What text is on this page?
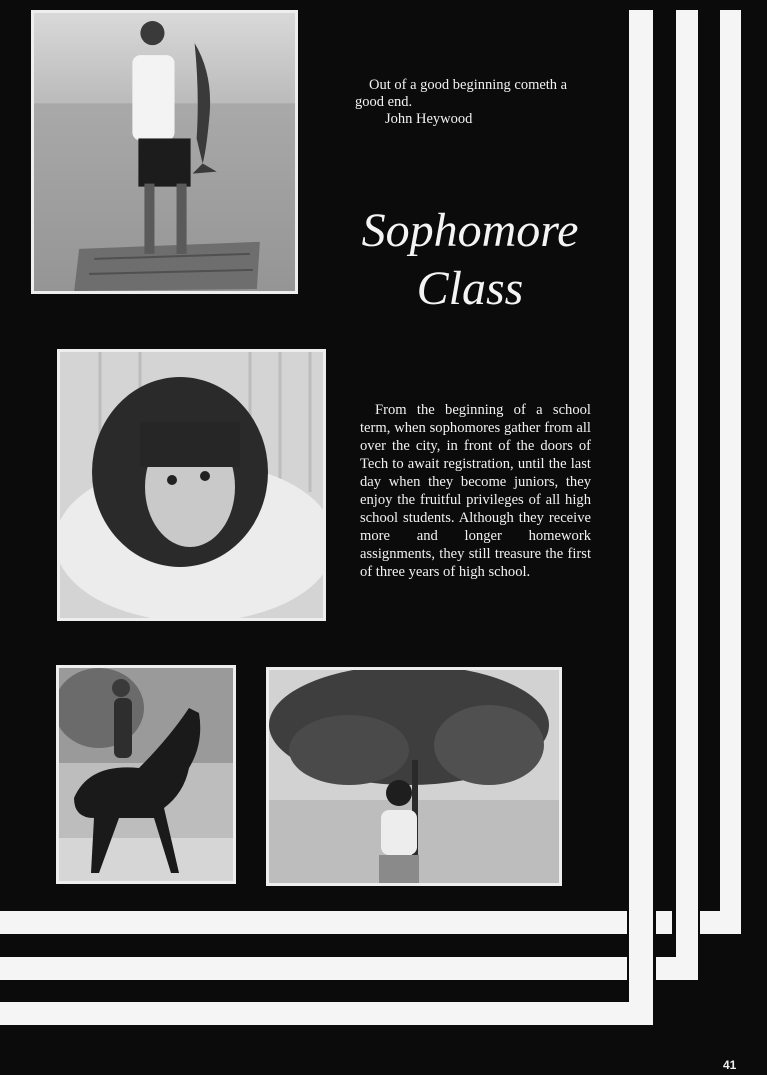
Out of a good beginning cometh a
good end.
John Heywood
Sophomore
Class
From the beginning of a school term, when sophomores gather from all over the city, in front of the doors of Tech to await registration, until the last day when they become juniors, they enjoy the fruitful privileges of all high school students. Although they receive more and longer homework assignments, they still treasure the first of three years of high school.
41
